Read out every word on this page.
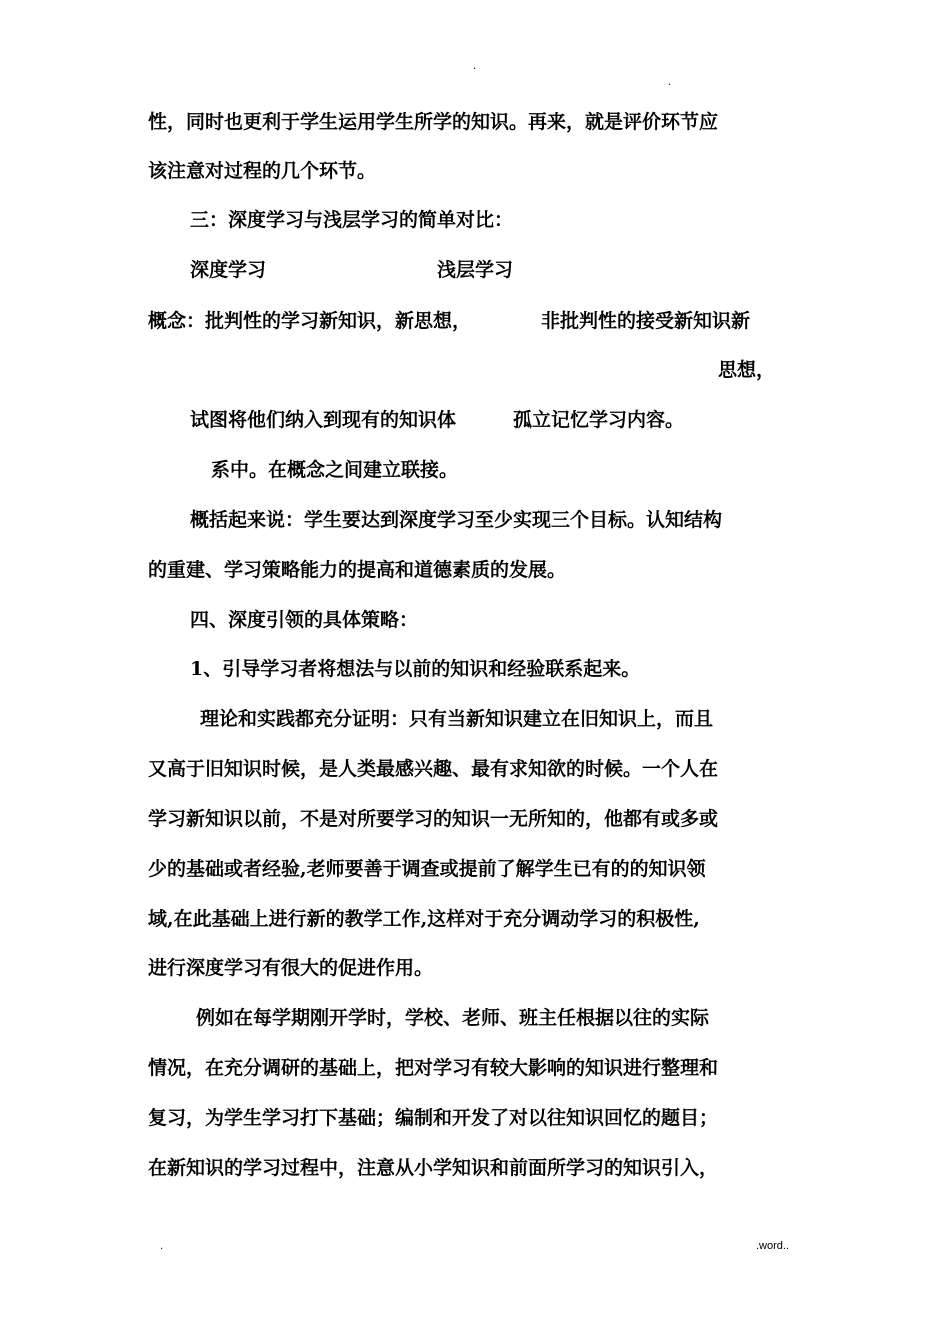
.
.
性，同时也更利于学生运用学生所学的知识。再来，就是评价环节应
该注意对过程的几个环节。
三：深度学习与浅层学习的简单对比：
深度学习	浅层学习
概念：批判性的学习新知识，新思想，	非批判性的接受新知识新
思想，
试图将他们纳入到现有的知识体	孤立记忆学习内容。
系中。在概念之间建立联接。
概括起来说：学生要达到深度学习至少实现三个目标。认知结构
的重建、学习策略能力的提高和道德素质的发展。
四、深度引领的具体策略：
1、引导学习者将想法与以前的知识和经验联系起来。
理论和实践都充分证明：只有当新知识建立在旧知识上，而且
又高于旧知识时候，是人类最感兴趣、最有求知欲的时候。一个人在
学习新知识以前，不是对所要学习的知识一无所知的，他都有或多或
少的基础或者经验,老师要善于调查或提前了解学生已有的的知识领
域,在此基础上进行新的教学工作,这样对于充分调动学习的积极性,
进行深度学习有很大的促进作用。
例如在每学期刚开学时，学校、老师、班主任根据以往的实际
情况，在充分调研的基础上，把对学习有较大影响的知识进行整理和
复习，为学生学习打下基础；编制和开发了对以往知识回忆的题目；
在新知识的学习过程中，注意从小学知识和前面所学习的知识引入，
.	.word..
